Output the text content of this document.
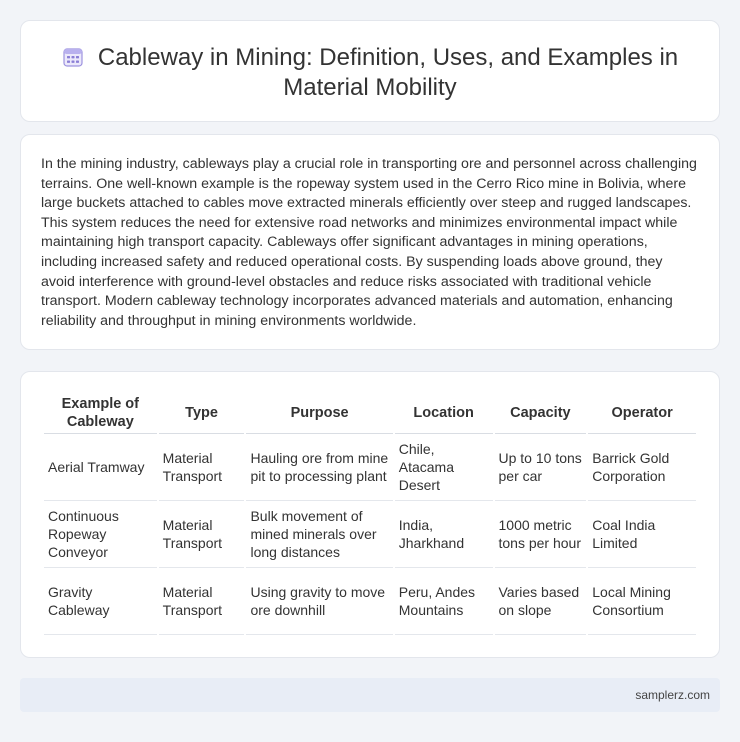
Cableway in Mining: Definition, Uses, and Examples in
Material Mobility

In the mining industry, cableways play a crucial role in transporting ore and personnel across challenging terrains. One well-known example is the ropeway system used in the Cerro Rico mine in Bolivia, where large buckets attached to cables move extracted minerals efficiently over steep and rugged landscapes. This system reduces the need for extensive road networks and minimizes environmental impact while maintaining high transport capacity. Cableways offer significant advantages in mining operations, including increased safety and reduced operational costs. By suspending loads above ground, they avoid interference with ground-level obstacles and reduce risks associated with traditional vehicle transport. Modern cableway technology incorporates advanced materials and automation, enhancing reliability and throughput in mining environments worldwide.

Example of Cableway	Type	Purpose	Location	Capacity	Operator
Aerial Tramway	Material Transport	Hauling ore from mine pit to processing plant	Chile, Atacama Desert	Up to 10 tons per car	Barrick Gold Corporation
Continuous Ropeway Conveyor	Material Transport	Bulk movement of mined minerals over long distances	India, Jharkhand	1000 metric tons per hour	Coal India Limited
Gravity Cableway	Material Transport	Using gravity to move ore downhill	Peru, Andes Mountains	Varies based on slope	Local Mining Consortium
samplerz.com
